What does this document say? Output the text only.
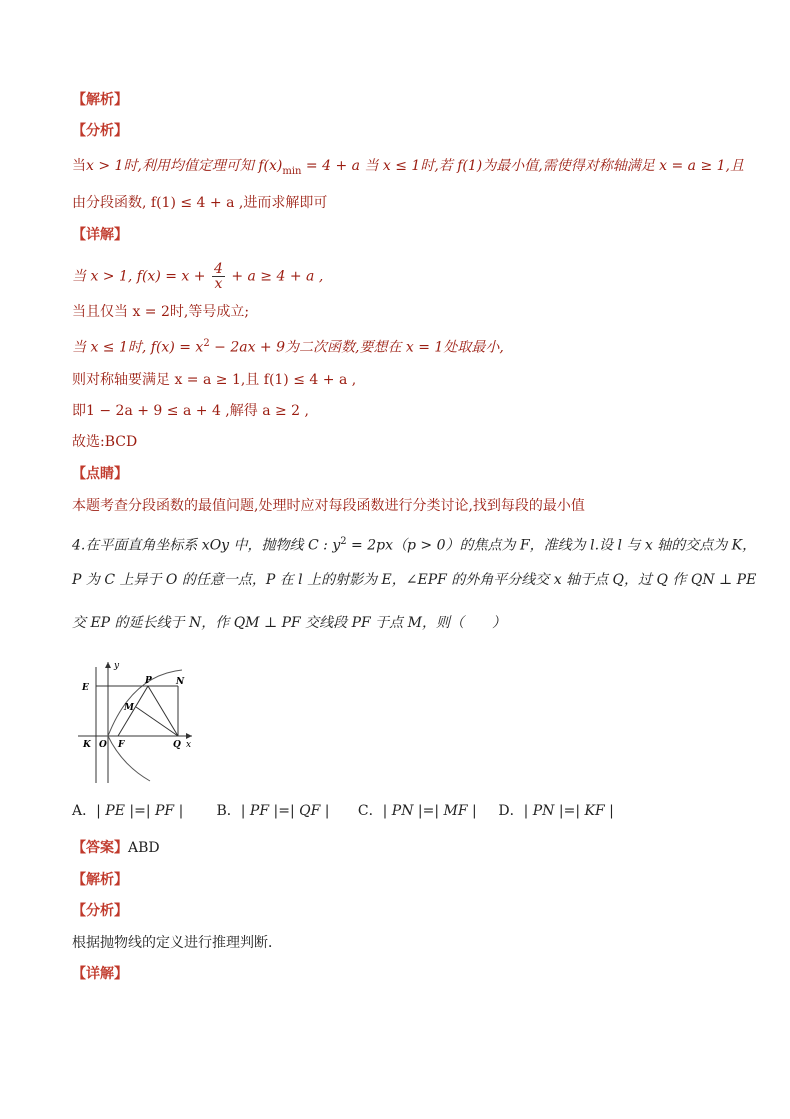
【解析】
【分析】
当x > 1时,利用均值定理可知 $f(x)_{min} = 4 + a$ 当 x ≤ 1时,若 f(1)为最小值,需使得对称轴满足 x = a ≥ 1,且
由分段函数, f(1) ≤ 4 + a ,进而求解即可
【详解】
当 x > 1, $f(x) = x + \frac{4}{x} + a \ge 4 + a$ ,
当且仅当 x = 2时,等号成立;
当 x ≤ 1时, $f(x) = x^2 - 2ax + 9$为二次函数,要想在 x = 1处取最小,
则对称轴要满足 x = a ≥ 1,且 f(1) ≤ 4 + a ,
即1 − 2a + 9 ≤ a + 4 ,解得 a ≥ 2 ,
故选:BCD
【点睛】
本题考查分段函数的最值问题,处理时应对每段函数进行分类讨论,找到每段的最小值
4.在平面直角坐标系 xOy 中，抛物线 C : $y^2 = 2px(p > 0)$的焦点为 F，准线为 l.设 l 与 x 轴的交点为 K，
P 为 C 上异于 O 的任意一点，P 在 l 上的射影为 E，∠EPF 的外角平分线交 x 轴于点 Q，过 Q 作 QN ⊥ PE
交 EP 的延长线于 N，作 QM ⊥ PF 交线段 PF 于点 M，则（　　）
y
E
P	N
M
K O F	Q x
A．| PE |=| PF | B．| PF |=| QF | C．| PN |=| MF | D．| PN |=| KF |
【答案】ABD
【解析】
【分析】
根据抛物线的定义进行推理判断．
【详解】
